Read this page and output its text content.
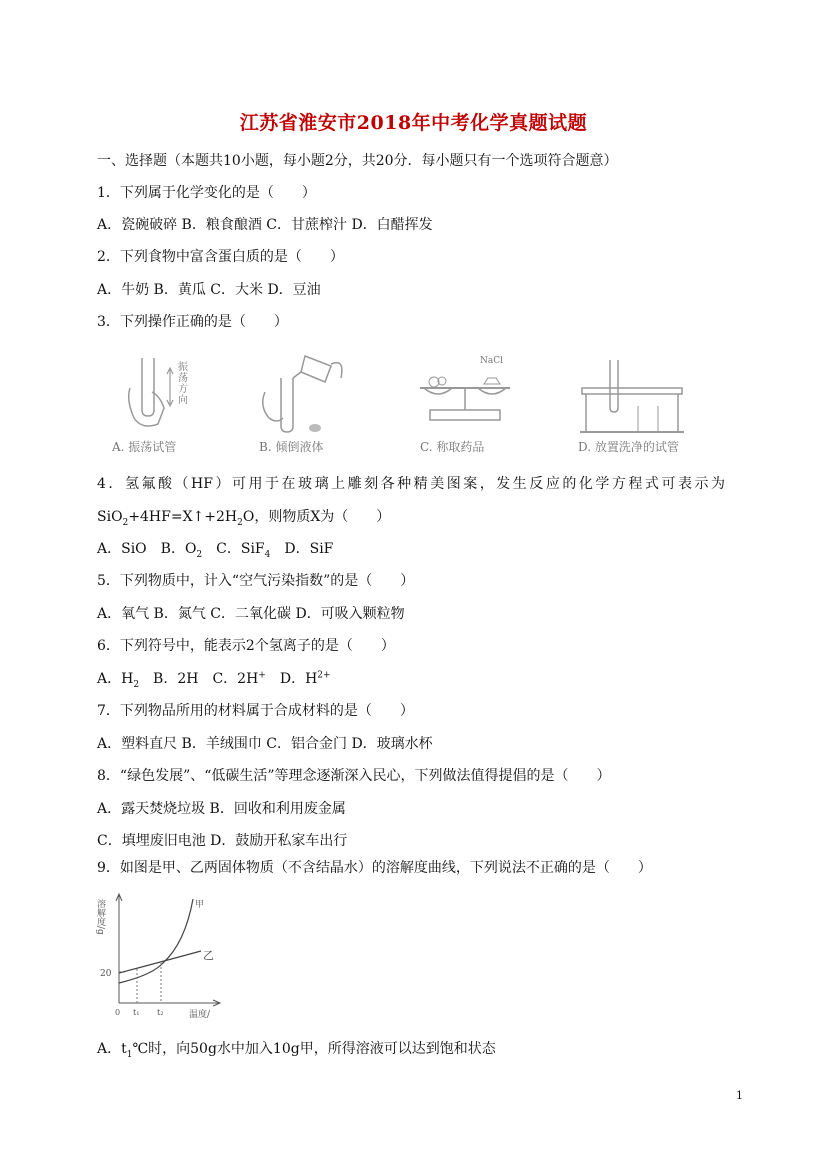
江苏省淮安市2018年中考化学真题试题
一、选择题（本题共10小题，每小题2分，共20分．每小题只有一个选项符合题意）
1．下列属于化学变化的是（　　）
A．瓷碗破碎 B．粮食酿酒 C．甘蔗榨汁 D．白醋挥发
2．下列食物中富含蛋白质的是（　　）
A．牛奶 B．黄瓜 C．大米 D．豆油
3．下列操作正确的是（　　）
振荡方向
A. 振荡试管	B. 倾倒液体
NaCl
C. 称取药品	D. 放置洗净的试管
4．氢氟酸（HF）可用于在玻璃上雕刻各种精美图案，发生反应的化学方程式可表示为
$SiO_2+4HF=X↑+2H_2O$，则物质X为（　　）
A．SiO　B．$O_2$　C．SiF$_4$　D．SiF
5．下列物质中，计入“空气污染指数”的是（　　）
A．氧气 B．氮气 C．二氧化碳 D．可吸入颗粒物
6．下列符号中，能表示2个氢离子的是（　　）
A．$H_2$　B．2H　C．2H+　D．$H^{2+}$
7．下列物品所用的材料属于合成材料的是（　　）
A．塑料直尺 B．羊绒围巾 C．铝合金门 D．玻璃水杯
8．“绿色发展”、“低碳生活”等理念逐渐深入民心，下列做法值得提倡的是（　　）
A．露天焚烧垃圾 B．回收和利用废金属
C．填埋废旧电池 D．鼓励开私家车出行
9．如图是甲、乙两固体物质（不含结晶水）的溶解度曲线，下列说法不正确的是（　　）
溶解度/g
20
0 t₁ t₂	温度/
甲
乙
A．$t_1℃$时，向50g水中加入10g甲，所得溶液可以达到饱和状态
1
